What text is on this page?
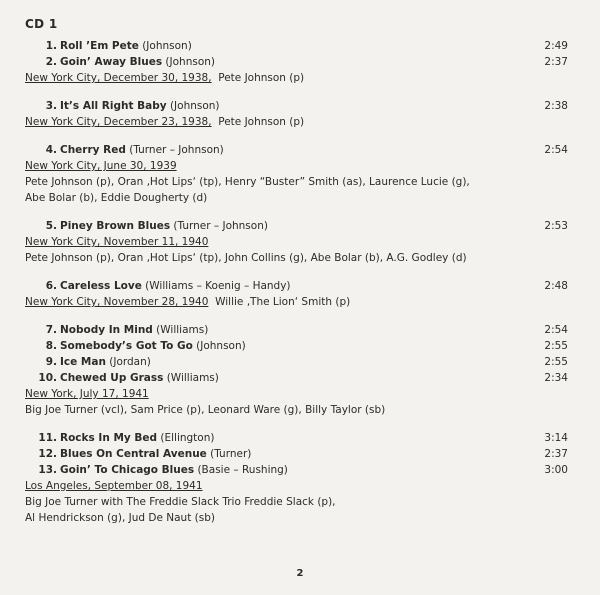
CD 1
2
1. Roll ’Em Pete (Johnson)	2:49
2. Goin’ Away Blues (Johnson)	2:37
New York City, December 30, 1938, Pete Johnson (p)
3. It’s All Right Baby (Johnson)	2:38
New York City, December 23, 1938, Pete Johnson (p)
4. Cherry Red (Turner – Johnson)	2:54
New York City, June 30, 1939
Pete Johnson (p), Oran ‚Hot Lips‘ (tp), Henry “Buster” Smith (as), Laurence Lucie (g),
Abe Bolar (b), Eddie Dougherty (d)
5. Piney Brown Blues (Turner – Johnson)	2:53
New York City, November 11, 1940
Pete Johnson (p), Oran ‚Hot Lips‘ (tp), John Collins (g), Abe Bolar (b), A.G. Godley (d)
6. Careless Love (Williams – Koenig – Handy)	2:48
New York City, November 28, 1940 Willie ‚The Lion‘ Smith (p)
7. Nobody In Mind (Williams)	2:54
8. Somebody’s Got To Go (Johnson)	2:55
9. Ice Man (Jordan)	2:55
10. Chewed Up Grass (Williams)	2:34
New York, July 17, 1941
Big Joe Turner (vcl), Sam Price (p), Leonard Ware (g), Billy Taylor (sb)
11. Rocks In My Bed (Ellington)	3:14
12. Blues On Central Avenue (Turner)	2:37
13. Goin’ To Chicago Blues (Basie – Rushing)	3:00
Los Angeles, September 08, 1941
Big Joe Turner with The Freddie Slack Trio Freddie Slack (p),
Al Hendrickson (g), Jud De Naut (sb)
